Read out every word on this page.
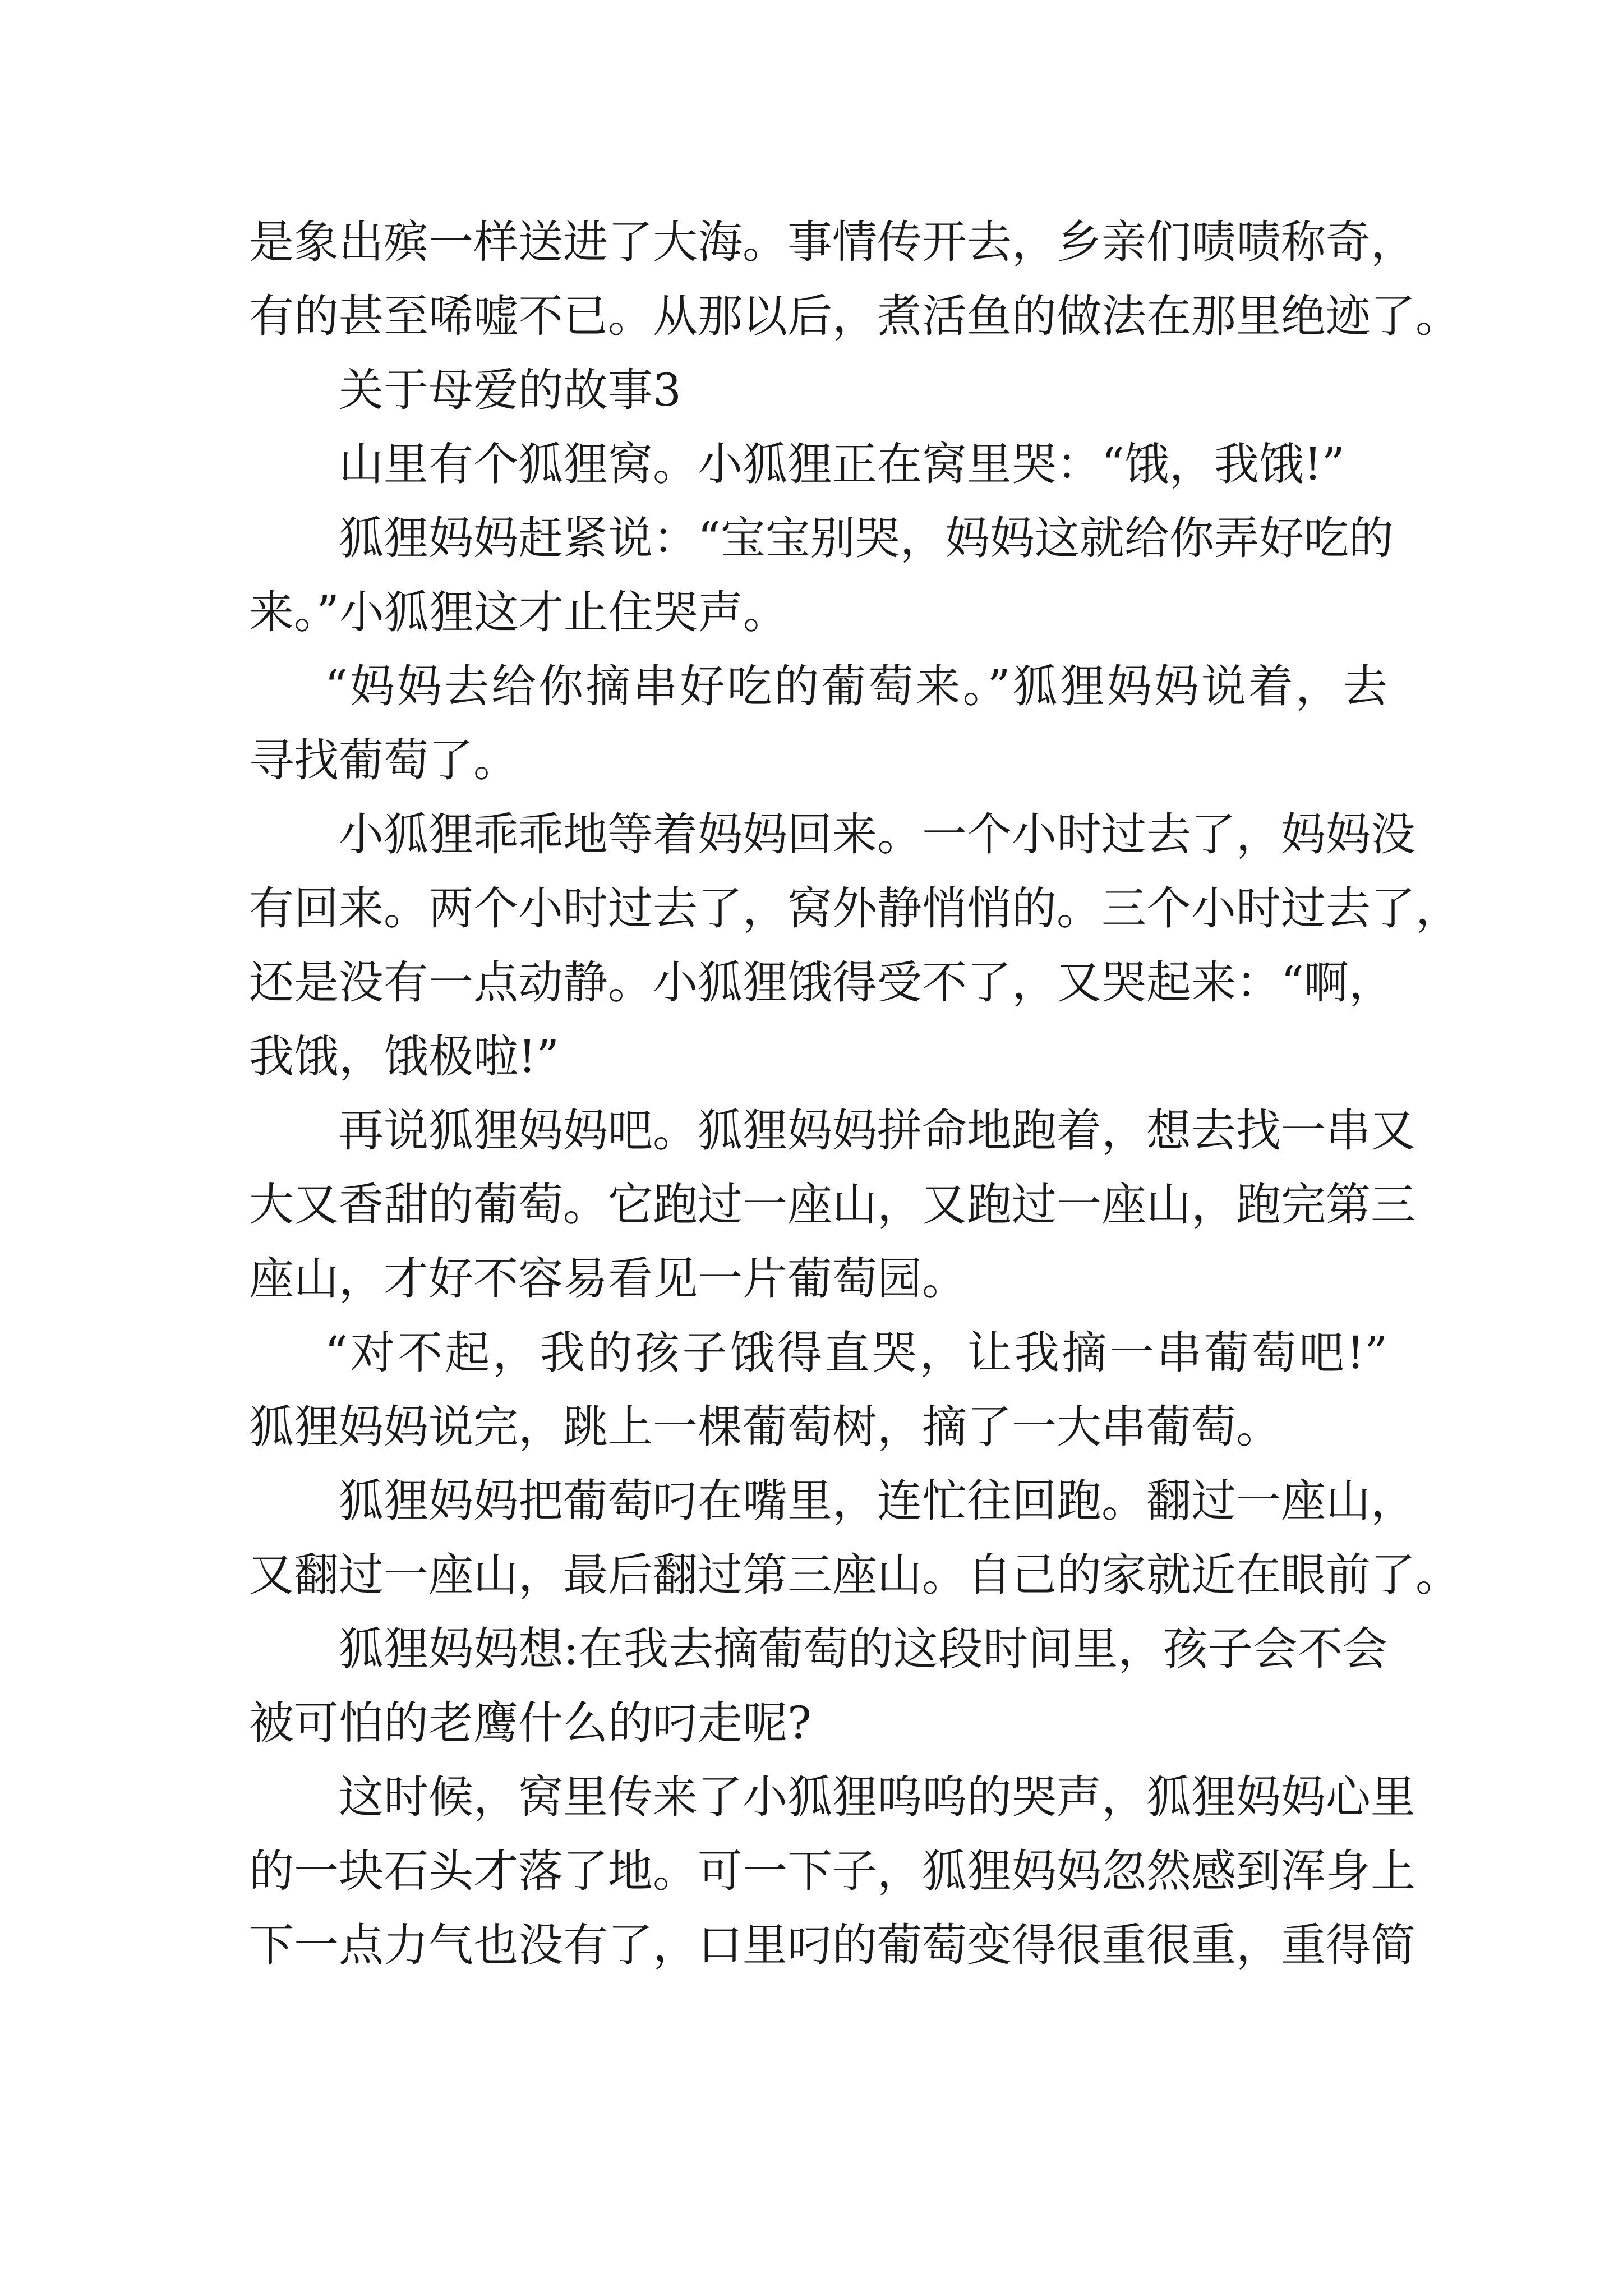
是象出殡一样送进了大海。事情传开去，乡亲们啧啧称奇，
有的甚至唏嘘不已。从那以后，煮活鱼的做法在那里绝迹了。
关于母爱的故事3
山里有个狐狸窝。小狐狸正在窝里哭：“饿，我饿!”
狐狸妈妈赶紧说：“宝宝别哭，妈妈这就给你弄好吃的
来。”小狐狸这才止住哭声。
“妈妈去给你摘串好吃的葡萄来。”狐狸妈妈说着，去
寻找葡萄了。
小狐狸乖乖地等着妈妈回来。一个小时过去了，妈妈没
有回来。两个小时过去了，窝外静悄悄的。三个小时过去了，
还是没有一点动静。小狐狸饿得受不了，又哭起来：“啊，
我饿，饿极啦!”
再说狐狸妈妈吧。狐狸妈妈拼命地跑着，想去找一串又
大又香甜的葡萄。它跑过一座山，又跑过一座山，跑完第三
座山，才好不容易看见一片葡萄园。
“对不起，我的孩子饿得直哭，让我摘一串葡萄吧!”
狐狸妈妈说完，跳上一棵葡萄树，摘了一大串葡萄。
狐狸妈妈把葡萄叼在嘴里，连忙往回跑。翻过一座山，
又翻过一座山，最后翻过第三座山。自己的家就近在眼前了。
狐狸妈妈想:在我去摘葡萄的这段时间里，孩子会不会
被可怕的老鹰什么的叼走呢?
这时候，窝里传来了小狐狸呜呜的哭声，狐狸妈妈心里
的一块石头才落了地。可一下子，狐狸妈妈忽然感到浑身上
下一点力气也没有了，口里叼的葡萄变得很重很重，重得简
